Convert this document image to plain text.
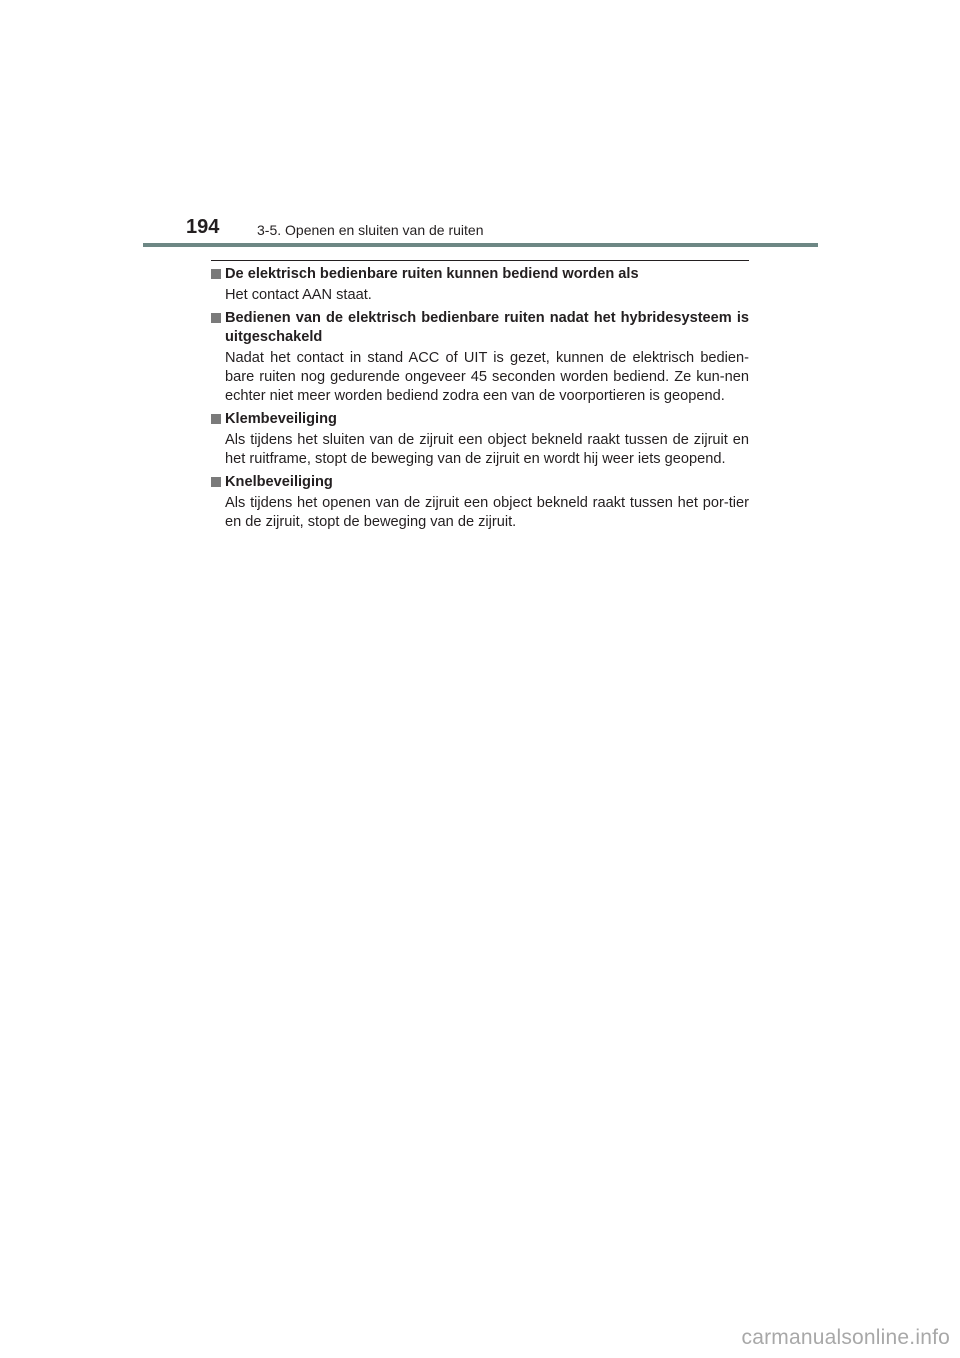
194	3-5. Openen en sluiten van de ruiten
De elektrisch bedienbare ruiten kunnen bediend worden als
Het contact AAN staat.
Bedienen van de elektrisch bedienbare ruiten nadat het hybridesysteem is uitgeschakeld
Nadat het contact in stand ACC of UIT is gezet, kunnen de elektrisch bedien-bare ruiten nog gedurende ongeveer 45 seconden worden bediend. Ze kun-nen echter niet meer worden bediend zodra een van de voorportieren is geopend.
Klembeveiliging
Als tijdens het sluiten van de zijruit een object bekneld raakt tussen de zijruit en het ruitframe, stopt de beweging van de zijruit en wordt hij weer iets geopend.
Knelbeveiliging
Als tijdens het openen van de zijruit een object bekneld raakt tussen het por-tier en de zijruit, stopt de beweging van de zijruit.
carmanualsonline.info
